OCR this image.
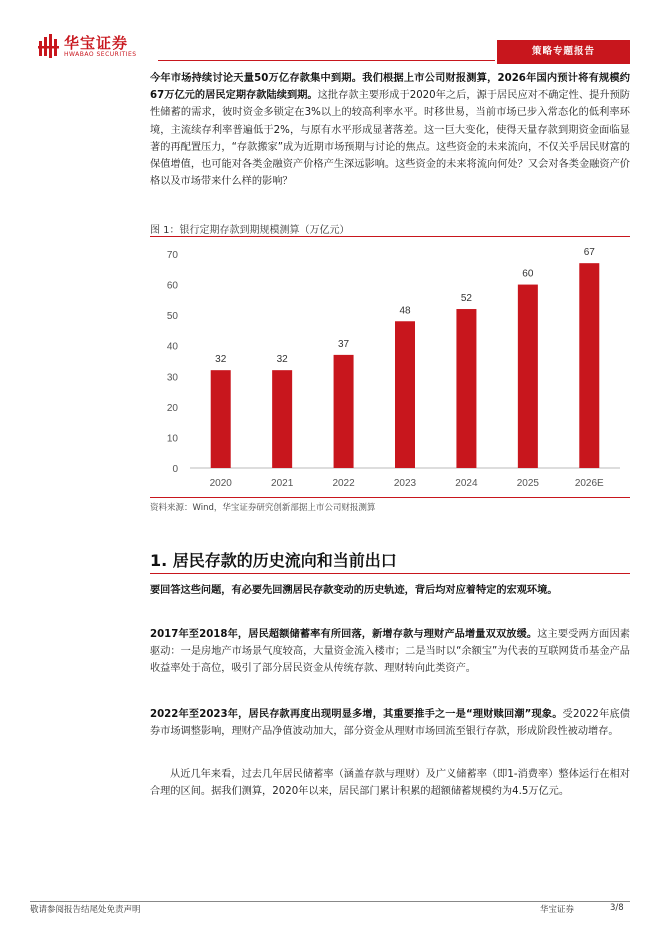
华宝证券
HWABAO SECURITIES	策略专题报告

今年市场持续讨论天量50万亿存款集中到期。我们根据上市公司财报测算，2026年国内预计将有规模约67万亿元的居民定期存款陆续到期。这批存款主要形成于2020年之后，源于居民应对不确定性、提升预防性储蓄的需求，彼时资金多锁定在3%以上的较高利率水平。时移世易，当前市场已步入常态化的低利率环境，主流续存利率普遍低于2%，与原有水平形成显著落差。这一巨大变化，使得天量存款到期资金面临显著的再配置压力，“存款搬家”成为近期市场预期与讨论的焦点。这些资金的未来流向，不仅关乎居民财富的保值增值，也可能对各类金融资产价格产生深远影响。这些资金的未来将流向何处？又会对各类金融资产价格以及市场带来什么样的影响？

图 1：银行定期存款到期规模测算（万亿元）
0
10
20
30
40
50
60
70
32
2020
32
2021
37
2022
48
2023
52
2024
60
2025
67
2026E
资料来源：Wind，华宝证券研究创新部据上市公司财报测算
1. 居民存款的历史流向和当前出口

要回答这些问题，有必要先回溯居民存款变动的历史轨迹，背后均对应着特定的宏观环境。

2017年至2018年，居民超额储蓄率有所回落，新增存款与理财产品增量双双放缓。这主要受两方面因素驱动：一是房地产市场景气度较高，大量资金流入楼市；二是当时以“余额宝”为代表的互联网货币基金产品收益率处于高位，吸引了部分居民资金从传统存款、理财转向此类资产。

2022年至2023年，居民存款再度出现明显多增，其重要推手之一是“理财赎回潮”现象。受2022年底债券市场调整影响，理财产品净值波动加大，部分资金从理财市场回流至银行存款，形成阶段性被动增存。

从近几年来看，过去几年居民储蓄率（涵盖存款与理财）及广义储蓄率（即1-消费率）整体运行在相对合理的区间。据我们测算，2020年以来，居民部门累计积累的超额储蓄规模约为4.5万亿元。

敬请参阅报告结尾处免责声明	华宝证券	3/8
